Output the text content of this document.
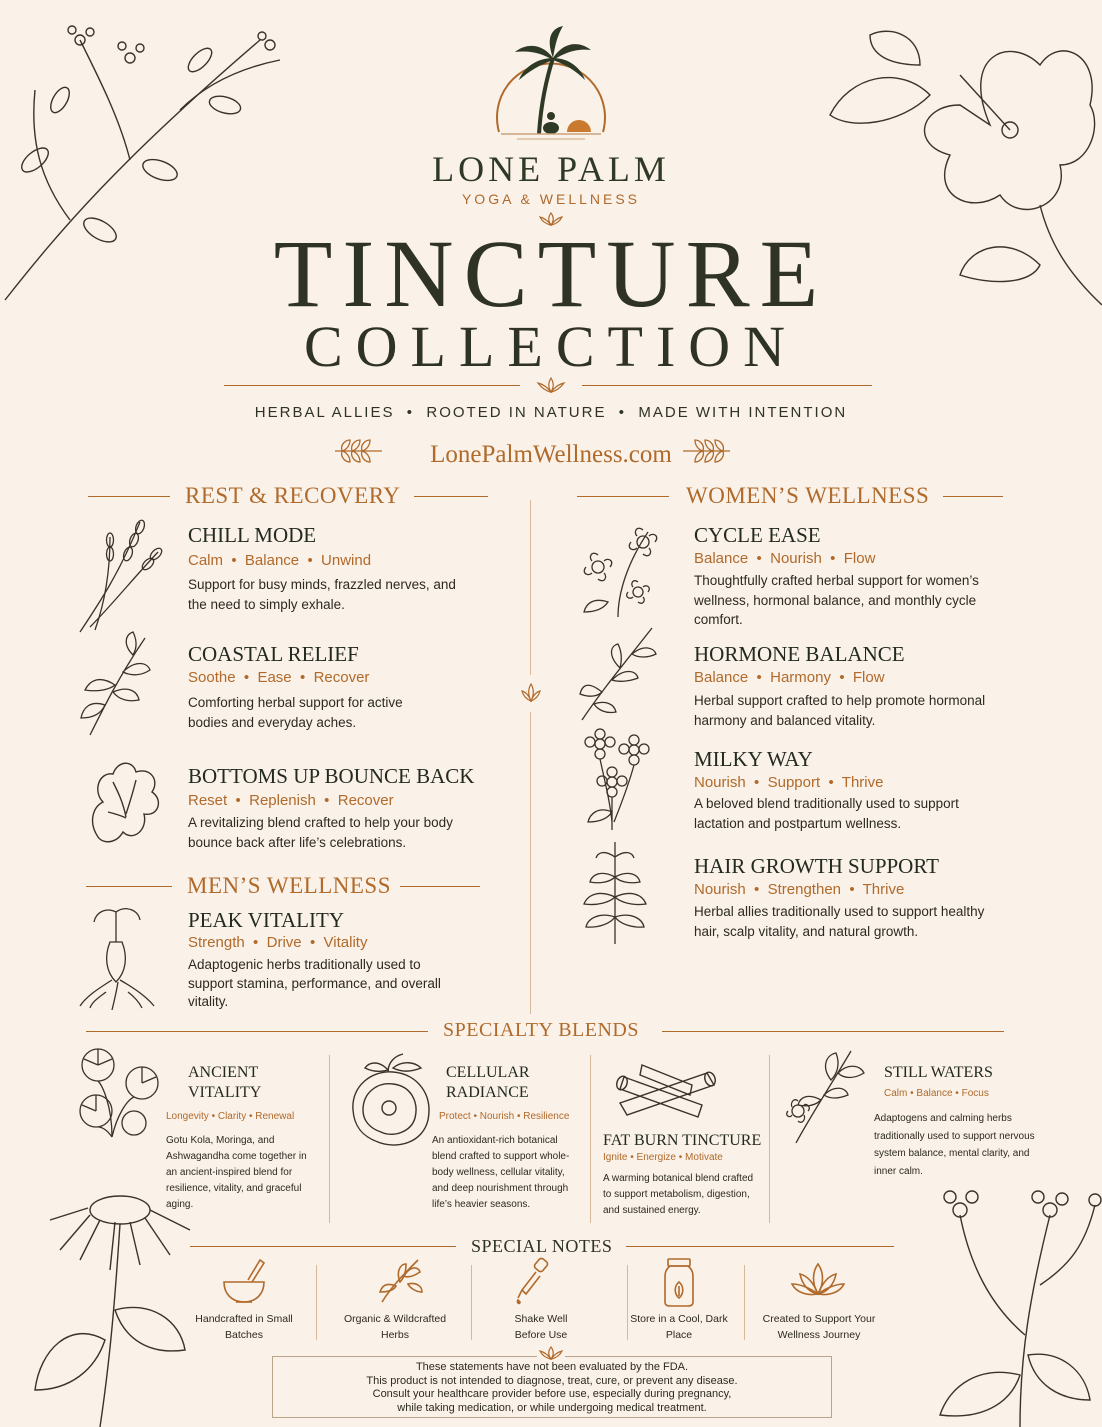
LONE PALM
YOGA & WELLNESS
TINCTURE
COLLECTION
HERBAL ALLIES  •  ROOTED IN NATURE  •  MADE WITH INTENTION
LonePalmWellness.com
REST & RECOVERY
CHILL MODE
Calm  •  Balance  •  Unwind
Support for busy minds, frazzled nerves, and the need to simply exhale.
COASTAL RELIEF
Soothe  •  Ease  •  Recover
Comforting herbal support for active bodies and everyday aches.
BOTTOMS UP BOUNCE BACK
Reset  •  Replenish  •  Recover
A revitalizing blend crafted to help your body bounce back after life’s celebrations.
MEN’S WELLNESS
PEAK VITALITY
Strength  •  Drive  •  Vitality
Adaptogenic herbs traditionally used to support stamina, performance, and overall vitality.
WOMEN’S WELLNESS
CYCLE EASE
Balance  •  Nourish  •  Flow
Thoughtfully crafted herbal support for women’s wellness, hormonal balance, and monthly cycle comfort.
HORMONE BALANCE
Balance  •  Harmony  •  Flow
Herbal support crafted to help promote hormonal harmony and balanced vitality.
MILKY WAY
Nourish  •  Support  •  Thrive
A beloved blend traditionally used to support lactation and postpartum wellness.
HAIR GROWTH SUPPORT
Nourish  •  Strengthen  •  Thrive
Herbal allies traditionally used to support healthy hair, scalp vitality, and natural growth.
SPECIALTY BLENDS
ANCIENT VITALITY
Longevity • Clarity • Renewal
Gotu Kola, Moringa, and Ashwagandha come together in an ancient-inspired blend for resilience, vitality, and graceful aging.
CELLULAR RADIANCE
Protect • Nourish • Resilience
An antioxidant-rich botanical blend crafted to support whole-body wellness, cellular vitality, and deep nourishment through life’s heavier seasons.
FAT BURN TINCTURE
Ignite • Energize • Motivate
A warming botanical blend crafted to support metabolism, digestion, and sustained energy.
STILL WATERS
Calm • Balance • Focus
Adaptogens and calming herbs traditionally used to support nervous system balance, mental clarity, and inner calm.
SPECIAL NOTES
Handcrafted in Small Batches
Organic & Wildcrafted Herbs
Shake Well Before Use
Store in a Cool, Dark Place
Created to Support Your Wellness Journey
These statements have not been evaluated by the FDA.
This product is not intended to diagnose, treat, cure, or prevent any disease.
Consult your healthcare provider before use, especially during pregnancy,
while taking medication, or while undergoing medical treatment.
